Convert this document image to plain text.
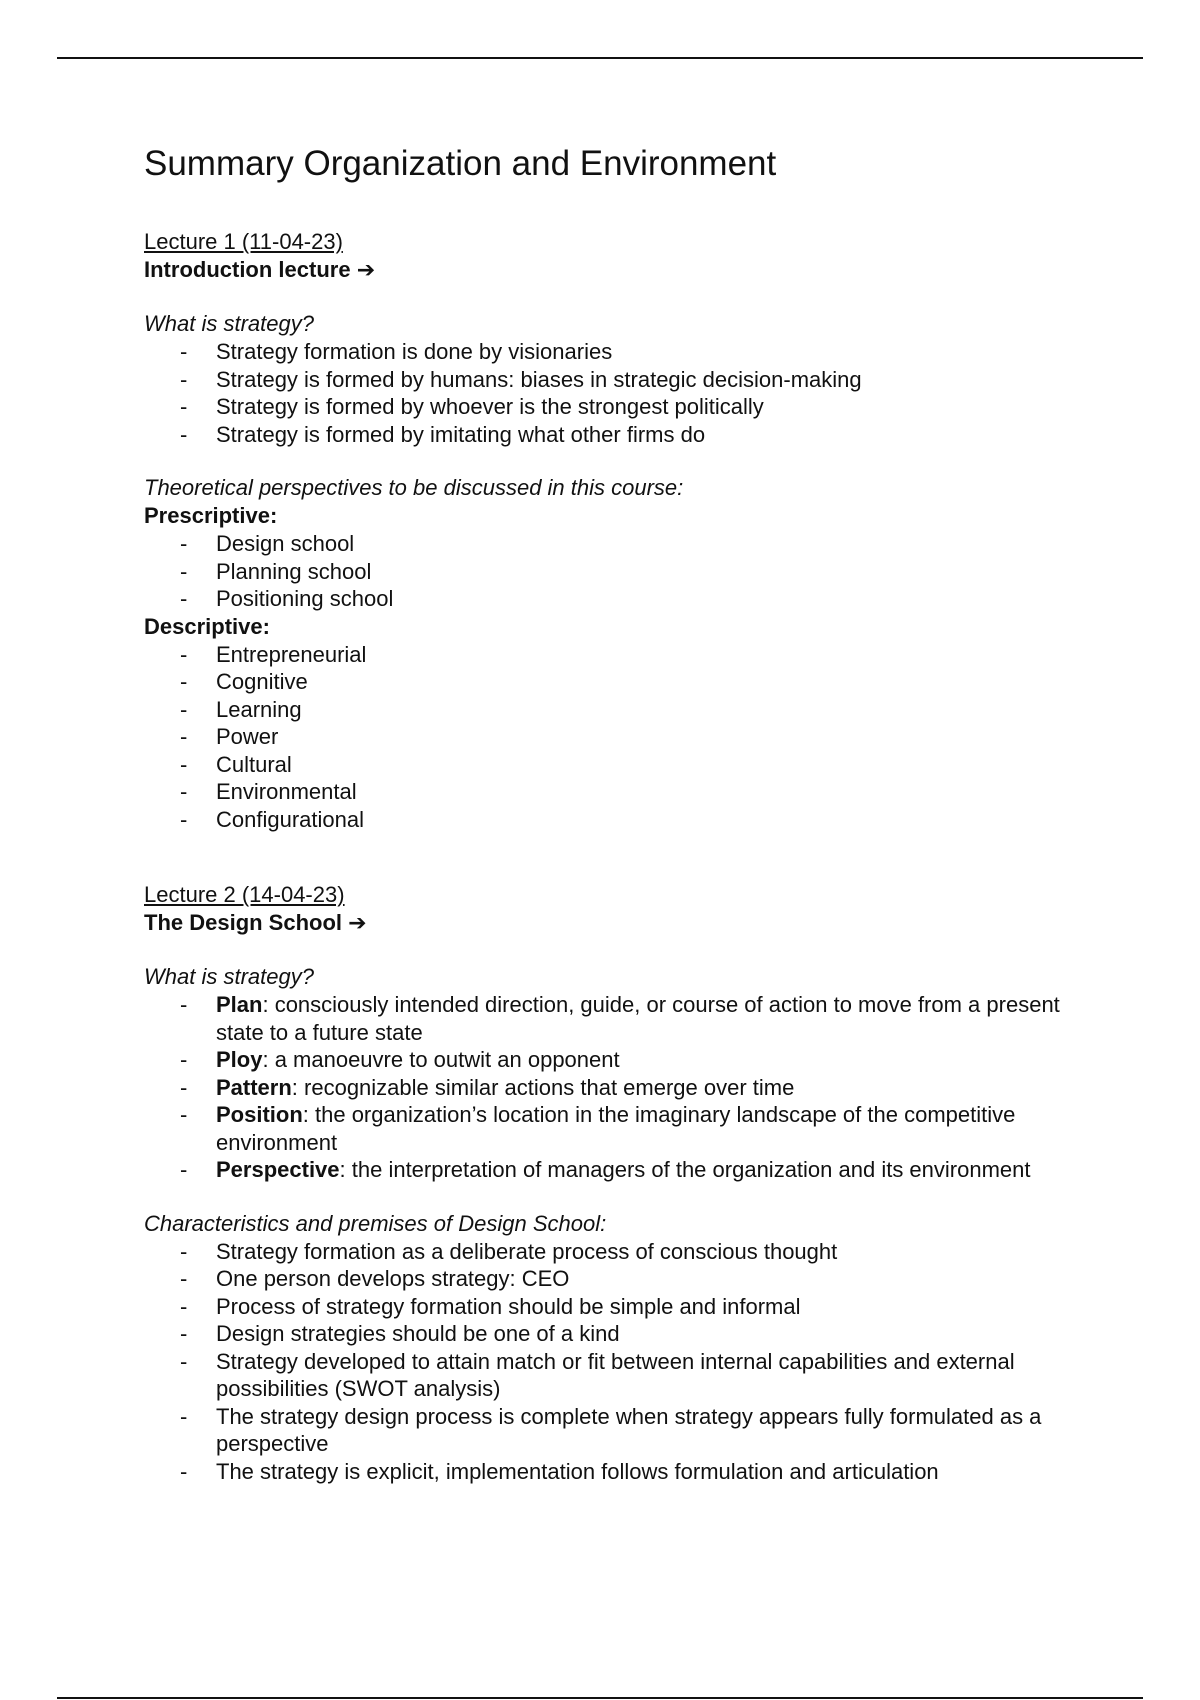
Summary Organization and Environment
Lecture 1 (11-04-23)
Introduction lecture ➔
What is strategy?
- Strategy formation is done by visionaries
- Strategy is formed by humans: biases in strategic decision-making
- Strategy is formed by whoever is the strongest politically
- Strategy is formed by imitating what other firms do
Theoretical perspectives to be discussed in this course:
Prescriptive:
- Design school
- Planning school
- Positioning school
Descriptive:
- Entrepreneurial
- Cognitive
- Learning
- Power
- Cultural
- Environmental
- Configurational
Lecture 2 (14-04-23)
The Design School ➔
What is strategy?
- Plan: consciously intended direction, guide, or course of action to move from a present state to a future state
- Ploy: a manoeuvre to outwit an opponent
- Pattern: recognizable similar actions that emerge over time
- Position: the organization’s location in the imaginary landscape of the competitive environment
- Perspective: the interpretation of managers of the organization and its environment
Characteristics and premises of Design School:
- Strategy formation as a deliberate process of conscious thought
- One person develops strategy: CEO
- Process of strategy formation should be simple and informal
- Design strategies should be one of a kind
- Strategy developed to attain match or fit between internal capabilities and external possibilities (SWOT analysis)
- The strategy design process is complete when strategy appears fully formulated as a perspective
- The strategy is explicit, implementation follows formulation and articulation
